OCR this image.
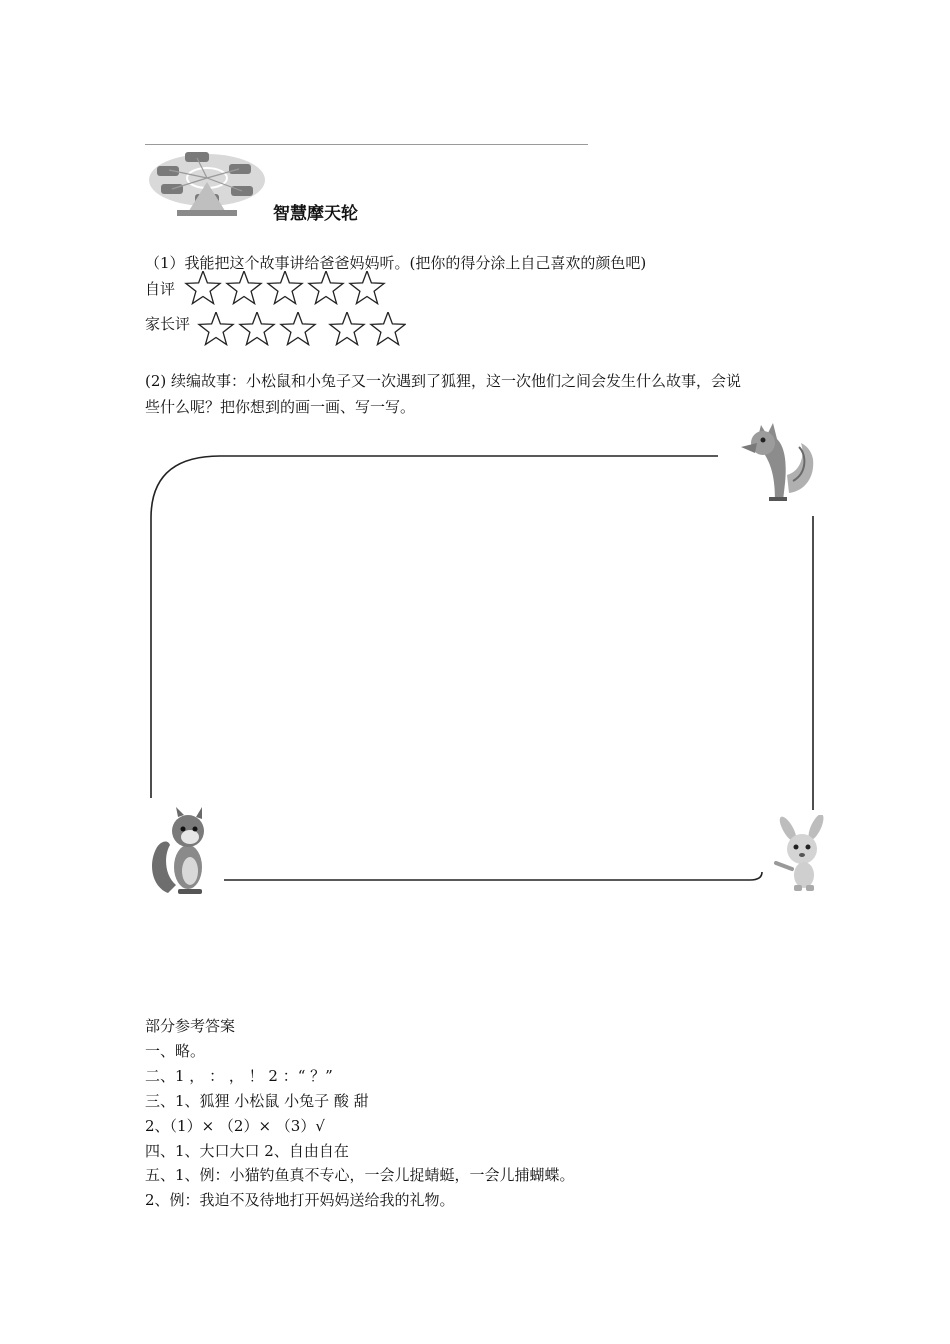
智慧摩天轮
（1）我能把这个故事讲给爸爸妈妈听。(把你的得分涂上自己喜欢的颜色吧)
自评
家长评
(2) 续编故事：小松鼠和小兔子又一次遇到了狐狸，这一次他们之间会发生什么故事，会说
些什么呢？把你想到的画一画、写一写。
部分参考答案
一、略。
二、1 ， ： ， ！ 2 ：“ ？”
三、1、狐狸 小松鼠 小兔子 酸 甜
2、（1）× （2）× （3）√
四、1、大口大口 2、自由自在
五、1、例：小猫钓鱼真不专心，一会儿捉蜻蜓，一会儿捕蝴蝶。
2、例：我迫不及待地打开妈妈送给我的礼物。
